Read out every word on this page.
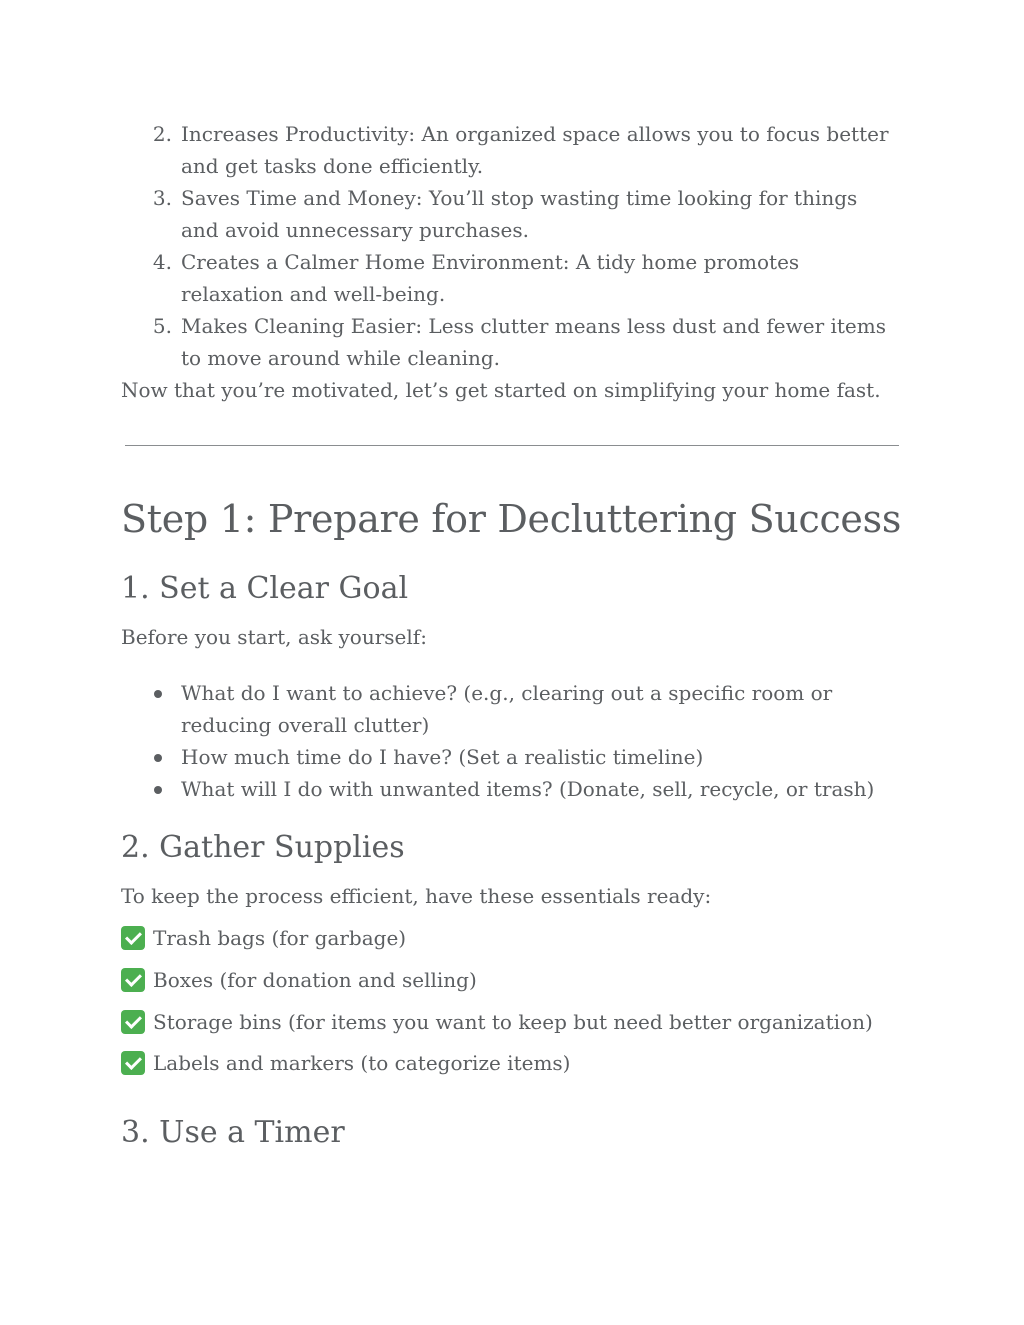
2. Increases Productivity: An organized space allows you to focus better and get tasks done efficiently.
3. Saves Time and Money: You’ll stop wasting time looking for things and avoid unnecessary purchases.
4. Creates a Calmer Home Environment: A tidy home promotes relaxation and well-being.
5. Makes Cleaning Easier: Less clutter means less dust and fewer items to move around while cleaning.

Now that you’re motivated, let’s get started on simplifying your home fast.

Step 1: Prepare for Decluttering Success
1. Set a Clear Goal

Before you start, ask yourself:

What do I want to achieve? (e.g., clearing out a specific room or reducing overall clutter)
How much time do I have? (Set a realistic timeline)
What will I do with unwanted items? (Donate, sell, recycle, or trash)
2. Gather Supplies

To keep the process efficient, have these essentials ready:

Trash bags (for garbage)
Boxes (for donation and selling)
Storage bins (for items you want to keep but need better organization)
Labels and markers (to categorize items)
3. Use a Timer
